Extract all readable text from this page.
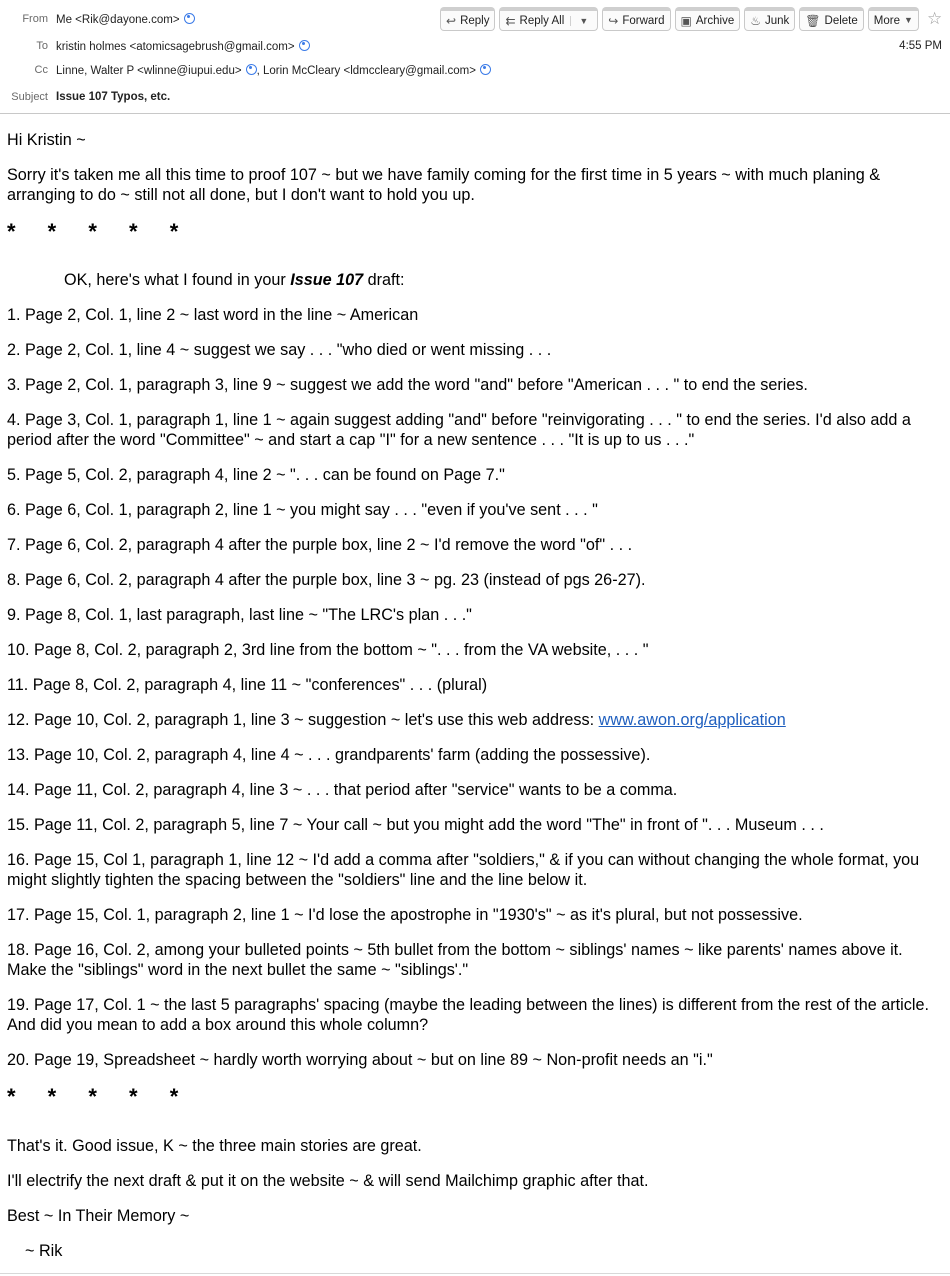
From Me <Rik@dayone.com>
To kristin holmes <atomicsagebrush@gmail.com>
Cc Linne, Walter P <wlinne@iupui.edu> , Lorin McCleary <ldmccleary@gmail.com>
Subject Issue 107 Typos, etc.
↩ Reply ⇇ Reply All	▼	↪ Forward ▣ Archive ♨ Junk 🗑 Delete More ▼ ☆
4:55 PM
Hi Kristin ~
Sorry it's taken me all this time to proof 107 ~ but we have family coming for the first time in 5 years ~ with much planing & arranging to do ~ still not all done, but I don't want to hold you up.
* * * * *
OK, here's what I found in your Issue 107 draft:
1. Page 2, Col. 1, line 2 ~ last word in the line ~ American
2. Page 2, Col. 1, line 4 ~ suggest we say . . . "who died or went missing . . .
3. Page 2, Col. 1, paragraph 3, line 9 ~ suggest we add the word "and" before "American . . . " to end the series.
4. Page 3, Col. 1, paragraph 1, line 1 ~ again suggest adding "and" before "reinvigorating . . . " to end the series. I'd also add a period after the word "Committee" ~ and start a cap "I" for a new sentence . . . "It is up to us . . ."
5. Page 5, Col. 2, paragraph 4, line 2 ~ ". . . can be found on Page 7."
6. Page 6, Col. 1, paragraph 2, line 1 ~ you might say . . . "even if you've sent . . . "
7. Page 6, Col. 2, paragraph 4 after the purple box, line 2 ~ I'd remove the word "of" . . .
8. Page 6, Col. 2, paragraph 4 after the purple box, line 3 ~ pg. 23 (instead of pgs 26-27).
9. Page 8, Col. 1, last paragraph, last line ~ "The LRC's plan . . ."
10. Page 8, Col. 2, paragraph 2, 3rd line from the bottom ~ ". . . from the VA website, . . . "
11. Page 8, Col. 2, paragraph 4, line 11 ~ "conferences" . . . (plural)
12. Page 10, Col. 2, paragraph 1, line 3 ~ suggestion ~ let's use this web address: www.awon.org/application
13. Page 10, Col. 2, paragraph 4, line 4 ~ . . . grandparents' farm (adding the possessive).
14. Page 11, Col. 2, paragraph 4, line 3 ~ . . . that period after "service" wants to be a comma.
15. Page 11, Col. 2, paragraph 5, line 7 ~ Your call ~ but you might add the word "The" in front of ". . . Museum . . .
16. Page 15, Col 1, paragraph 1, line 12 ~ I'd add a comma after "soldiers," & if you can without changing the whole format, you might slightly tighten the spacing between the "soldiers" line and the line below it.
17. Page 15, Col. 1, paragraph 2, line 1 ~ I'd lose the apostrophe in "1930's" ~ as it's plural, but not possessive.
18. Page 16, Col. 2, among your bulleted points ~ 5th bullet from the bottom ~ siblings' names ~ like parents' names above it. Make the "siblings" word in the next bullet the same ~ "siblings'."
19. Page 17, Col. 1 ~ the last 5 paragraphs' spacing (maybe the leading between the lines) is different from the rest of the article. And did you mean to add a box around this whole column?
20. Page 19, Spreadsheet ~ hardly worth worrying about ~ but on line 89 ~ Non-profit needs an "i."
* * * * *
That's it. Good issue, K ~ the three main stories are great.
I'll electrify the next draft & put it on the website ~ & will send Mailchimp graphic after that.
Best ~ In Their Memory ~
~ Rik
